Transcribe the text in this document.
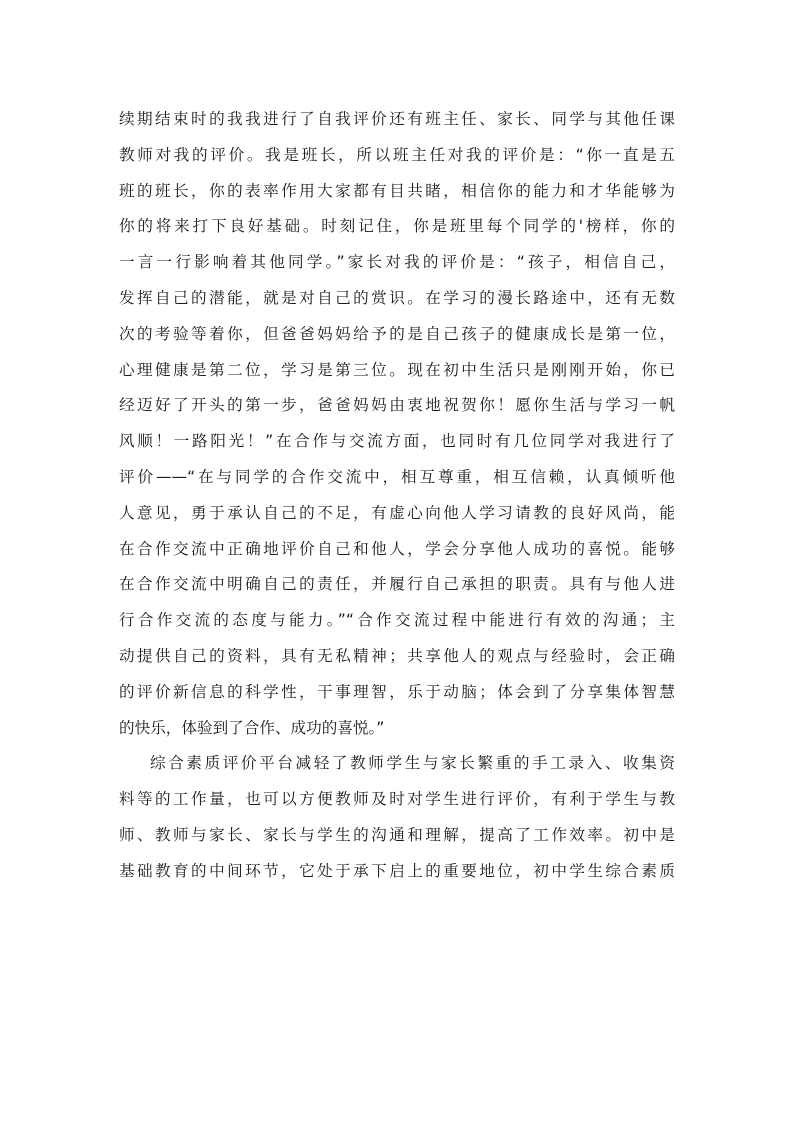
续期结束时的我我进行了自我评价还有班主任、家长、同学与其他任课
教师对我的评价。我是班长，所以班主任对我的评价是：“你一直是五
班的班长，你的表率作用大家都有目共睹，相信你的能力和才华能够为
你的将来打下良好基础。时刻记住，你是班里每个同学的'榜样，你的
一言一行影响着其他同学。”家长对我的评价是：“孩子，相信自己，
发挥自己的潜能，就是对自己的赏识。在学习的漫长路途中，还有无数
次的考验等着你，但爸爸妈妈给予的是自己孩子的健康成长是第一位，
心理健康是第二位，学习是第三位。现在初中生活只是刚刚开始，你已
经迈好了开头的第一步，爸爸妈妈由衷地祝贺你！愿你生活与学习一帆
风顺！一路阳光！”在合作与交流方面，也同时有几位同学对我进行了
评价——“在与同学的合作交流中，相互尊重，相互信赖，认真倾听他
人意见，勇于承认自己的不足，有虚心向他人学习请教的良好风尚，能
在合作交流中正确地评价自己和他人，学会分享他人成功的喜悦。能够
在合作交流中明确自己的责任，并履行自己承担的职责。具有与他人进
行合作交流的态度与能力。”“合作交流过程中能进行有效的沟通；主
动提供自己的资料，具有无私精神；共享他人的观点与经验时，会正确
的评价新信息的科学性，干事理智，乐于动脑；体会到了分享集体智慧
的快乐，体验到了合作、成功的喜悦。”
综合素质评价平台减轻了教师学生与家长繁重的手工录入、收集资
料等的工作量，也可以方便教师及时对学生进行评价，有利于学生与教
师、教师与家长、家长与学生的沟通和理解，提高了工作效率。初中是
基础教育的中间环节，它处于承下启上的重要地位，初中学生综合素质
